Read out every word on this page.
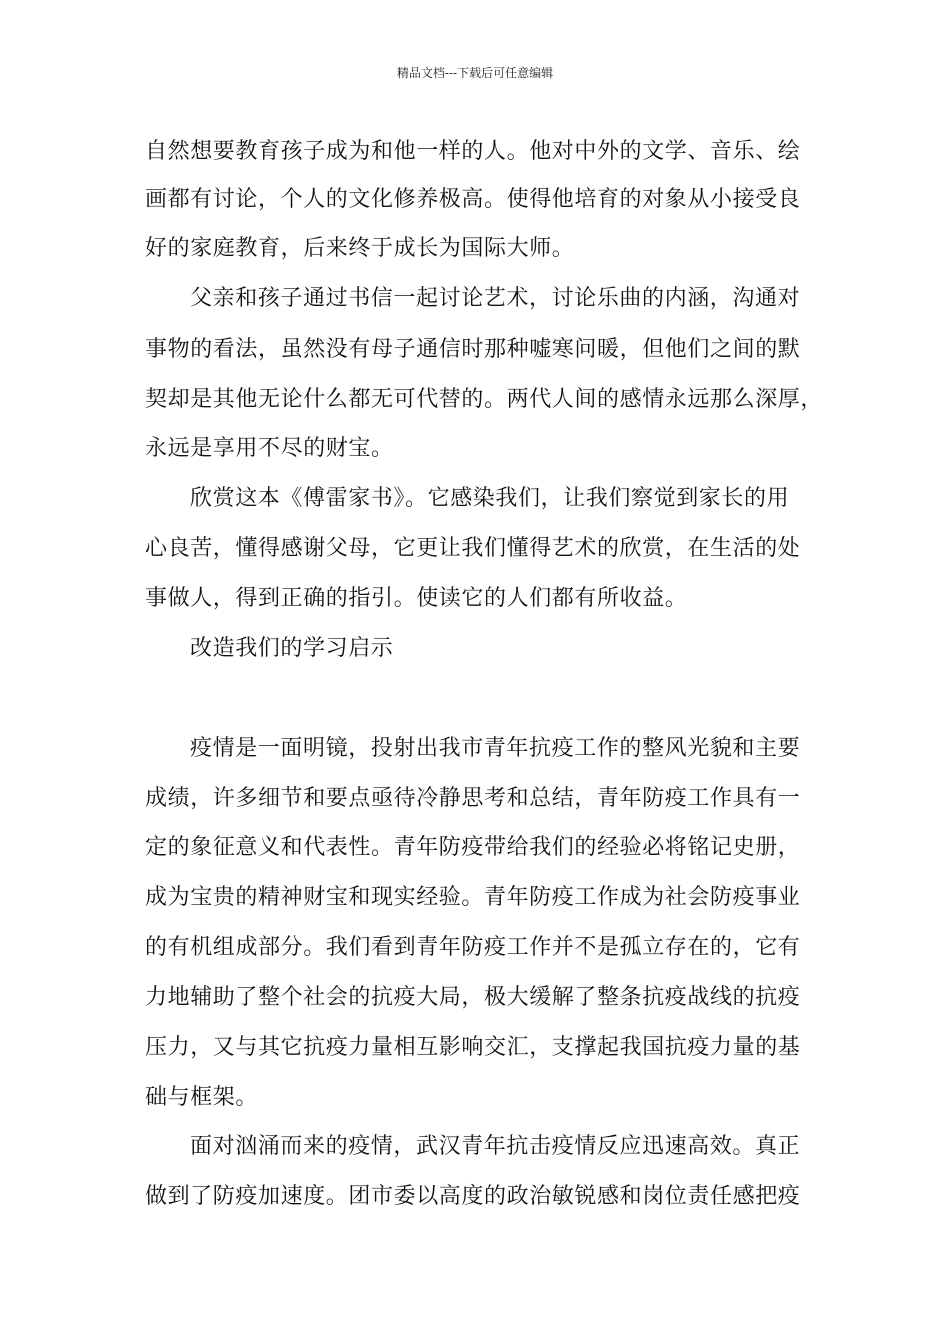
精品文档---下载后可任意编辑
自然想要教育孩子成为和他一样的人。他对中外的文学、音乐、绘
画都有讨论，个人的文化修养极高。使得他培育的对象从小接受良
好的家庭教育，后来终于成长为国际大师。
父亲和孩子通过书信一起讨论艺术，讨论乐曲的内涵，沟通对
事物的看法，虽然没有母子通信时那种嘘寒问暖，但他们之间的默
契却是其他无论什么都无可代替的。两代人间的感情永远那么深厚，
永远是享用不尽的财宝。
欣赏这本《傅雷家书》。它感染我们，让我们察觉到家长的用
心良苦，懂得感谢父母，它更让我们懂得艺术的欣赏，在生活的处
事做人，得到正确的指引。使读它的人们都有所收益。
改造我们的学习启示
疫情是一面明镜，投射出我市青年抗疫工作的整风光貌和主要
成绩，许多细节和要点亟待冷静思考和总结，青年防疫工作具有一
定的象征意义和代表性。青年防疫带给我们的经验必将铭记史册，
成为宝贵的精神财宝和现实经验。青年防疫工作成为社会防疫事业
的有机组成部分。我们看到青年防疫工作并不是孤立存在的，它有
力地辅助了整个社会的抗疫大局，极大缓解了整条抗疫战线的抗疫
压力，又与其它抗疫力量相互影响交汇，支撑起我国抗疫力量的基
础与框架。
面对汹涌而来的疫情，武汉青年抗击疫情反应迅速高效。真正
做到了防疫加速度。团市委以高度的政治敏锐感和岗位责任感把疫
